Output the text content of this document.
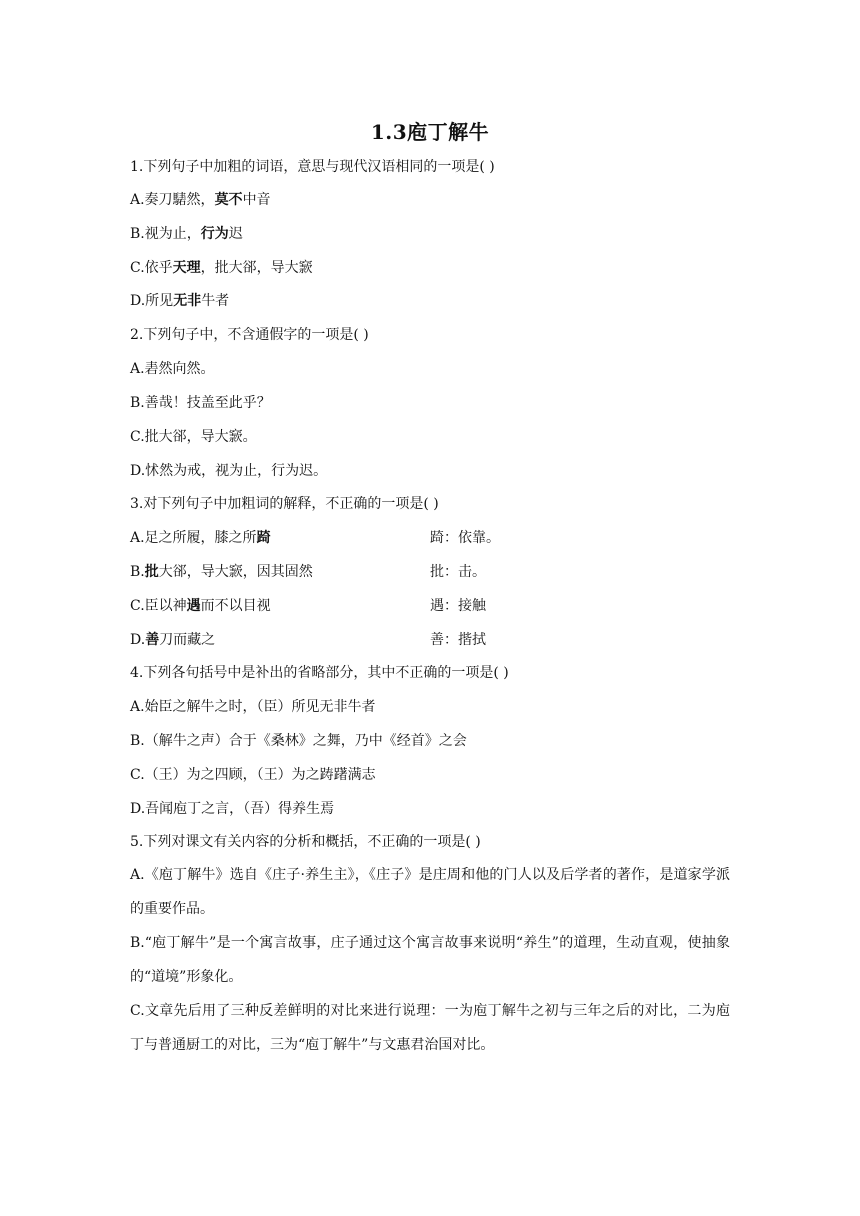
1.3庖丁解牛
1.下列句子中加粗的词语，意思与现代汉语相同的一项是( )
A.奏刀騞然，莫不中音
B.视为止，行为迟
C.依乎天理，批大郤，导大窾
D.所见无非牛者
2.下列句子中，不含通假字的一项是( )
A.砉然向然。
B.善哉！技盖至此乎？
C.批大郤，导大窾。
D.怵然为戒，视为止，行为迟。
3.对下列句子中加粗词的解释，不正确的一项是( )
A.足之所履，膝之所踦	踦：依靠。
B.批大郤，导大窾，因其固然	批：击。
C.臣以神遇而不以目视	遇：接触
D.善刀而藏之	善：揩拭
4.下列各句括号中是补出的省略部分，其中不正确的一项是( )
A.始臣之解牛之时，（臣）所见无非牛者
B.（解牛之声）合于《桑林》之舞，乃中《经首》之会
C.（王）为之四顾，（王）为之踌躇满志
D.吾闻庖丁之言，（吾）得养生焉
5.下列对课文有关内容的分析和概括，不正确的一项是( )
A.《庖丁解牛》选自《庄子·养生主》，《庄子》是庄周和他的门人以及后学者的著作，是道家学派的重要作品。
B.“庖丁解牛”是一个寓言故事，庄子通过这个寓言故事来说明“养生”的道理，生动直观，使抽象的“道境”形象化。
C.文章先后用了三种反差鲜明的对比来进行说理：一为庖丁解牛之初与三年之后的对比，二为庖丁与普通厨工的对比，三为“庖丁解牛”与文惠君治国对比。
